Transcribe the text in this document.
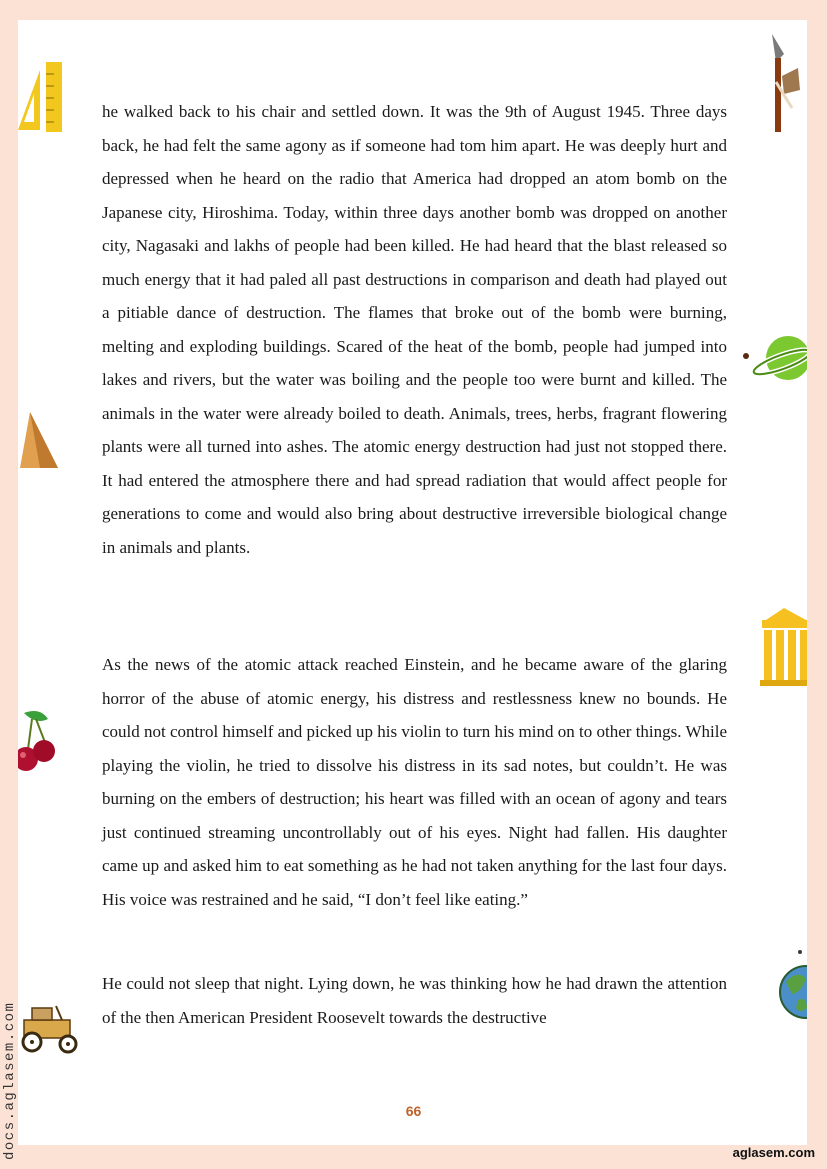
he walked back to his chair and settled down. It was the 9th of August 1945. Three days back, he had felt the same agony as if someone had tom him apart. He was deeply hurt and depressed when he heard on the radio that America had dropped an atom bomb on the Japanese city, Hiroshima. Today, within three days another bomb was dropped on another city, Nagasaki and lakhs of people had been killed. He had heard that the blast released so much energy that it had paled all past destructions in comparison and death had played out a pitiable dance of destruction. The flames that broke out of the bomb were burning, melting and exploding buildings. Scared of the heat of the bomb, people had jumped into lakes and rivers, but the water was boiling and the people too were burnt and killed. The animals in the water were already boiled to death. Animals, trees, herbs, fragrant flowering plants were all turned into ashes. The atomic energy destruction had just not stopped there. It had entered the atmosphere there and had spread radiation that would affect people for generations to come and would also bring about destructive irreversible biological change in animals and plants.

As the news of the atomic attack reached Einstein, and he became aware of the glaring horror of the abuse of atomic energy, his distress and restlessness knew no bounds. He could not control himself and picked up his violin to turn his mind on to other things. While playing the violin, he tried to dissolve his distress in its sad notes, but couldn’t. He was burning on the embers of destruction; his heart was filled with an ocean of agony and tears just continued streaming uncontrollably out of his eyes. Night had fallen. His daughter came up and asked him to eat something as he had not taken anything for the last four days. His voice was restrained and he said, “I don’t feel like eating.”

He could not sleep that night. Lying down, he was thinking how he had drawn the attention of the then American President Roosevelt towards the destructive

66
aglasem.com
docs.aglasem.com
